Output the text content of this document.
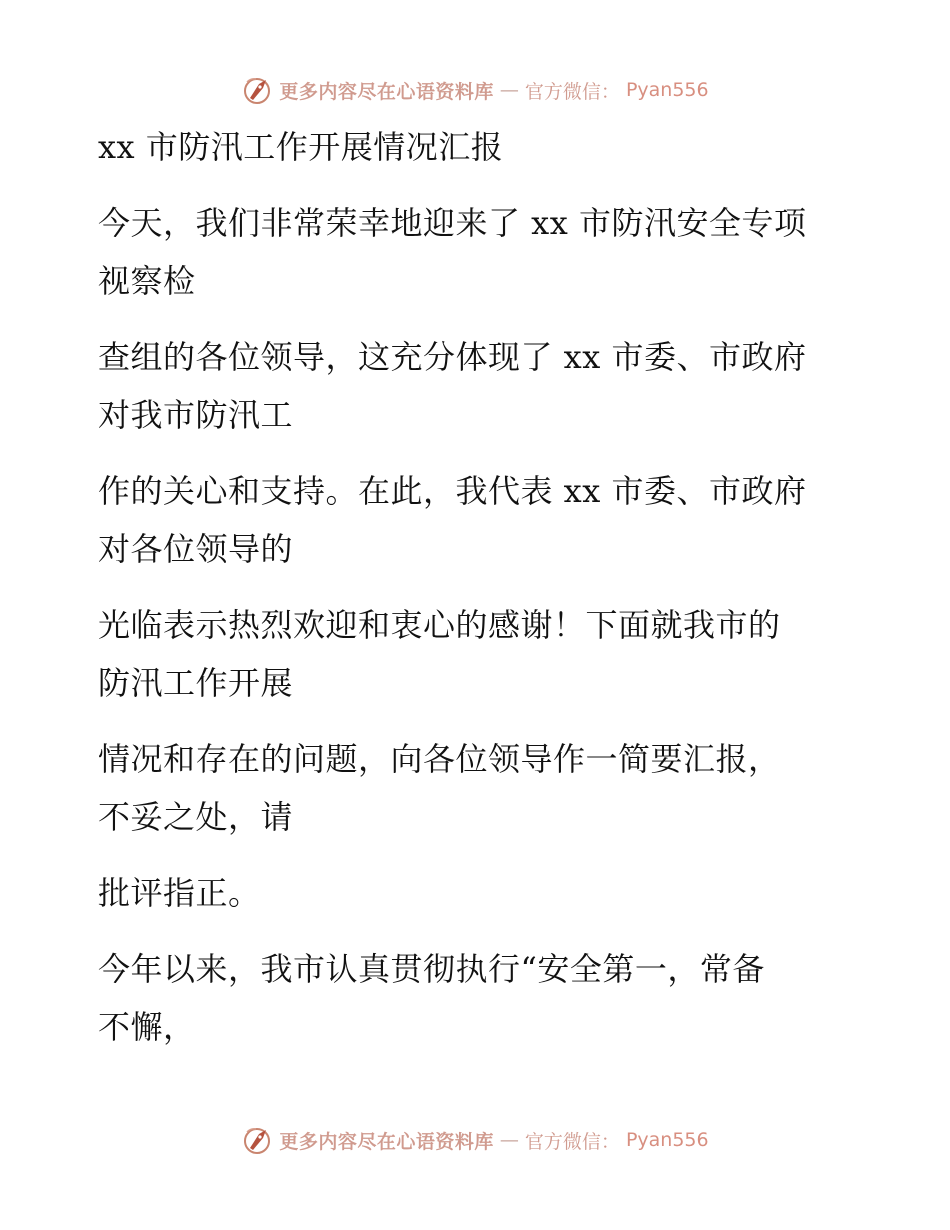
更多内容尽在心语资料库 — 官方微信： Pyan556

xx 市防汛工作开展情况汇报

今天，我们非常荣幸地迎来了 xx 市防汛安全专项

视察检

查组的各位领导，这充分体现了 xx 市委、市政府

对我市防汛工

作的关心和支持。在此，我代表 xx 市委、市政府

对各位领导的

光临表示热烈欢迎和衷心的感谢！下面就我市的

防汛工作开展

情况和存在的问题，向各位领导作一简要汇报，

不妥之处，请

批评指正。

今年以来，我市认真贯彻执行“安全第一，常备

不懈，

更多内容尽在心语资料库 — 官方微信： Pyan556
